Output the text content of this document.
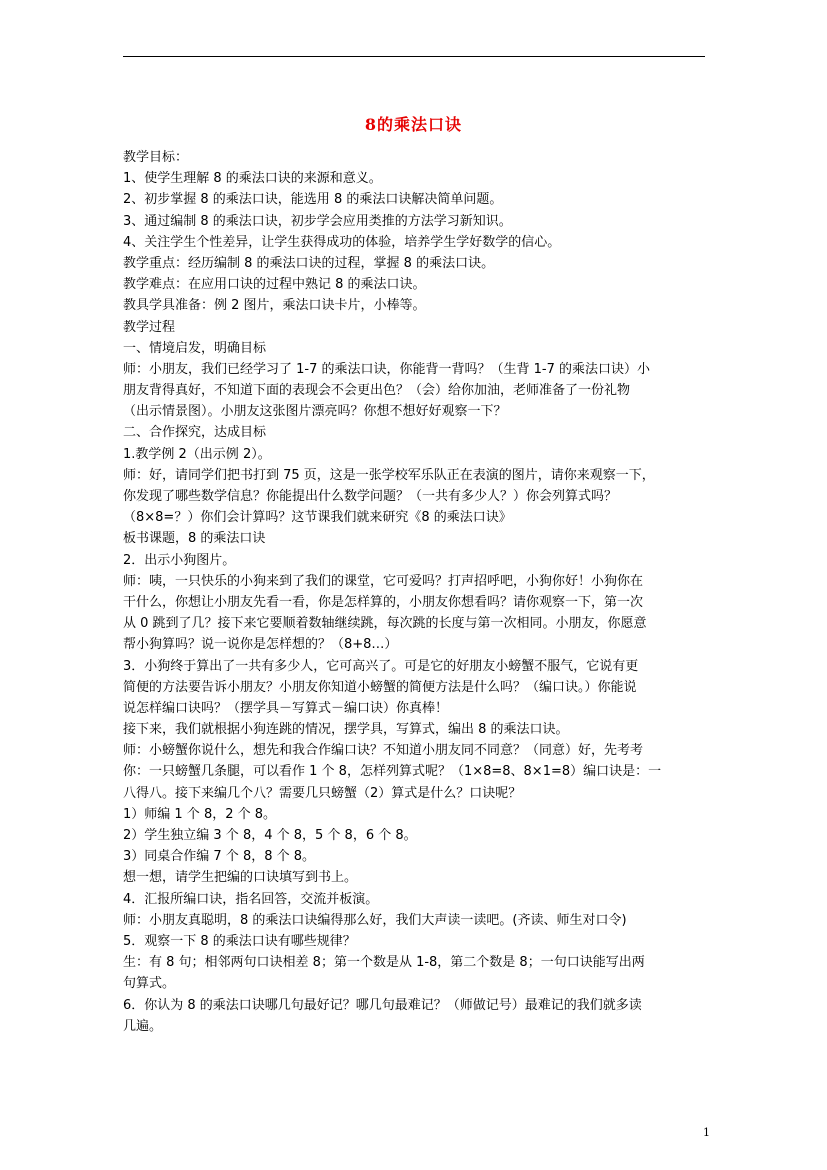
8的乘法口诀
教学目标：
1、使学生理解 8 的乘法口诀的来源和意义。
2、初步掌握 8 的乘法口诀，能选用 8 的乘法口诀解决简单问题。
3、通过编制 8 的乘法口诀，初步学会应用类推的方法学习新知识。
4、关注学生个性差异，让学生获得成功的体验，培养学生学好数学的信心。
教学重点：经历编制 8 的乘法口诀的过程，掌握 8 的乘法口诀。
教学难点：在应用口诀的过程中熟记 8 的乘法口诀。
教具学具准备：例 2 图片，乘法口诀卡片，小棒等。
教学过程
一、情境启发，明确目标
师：小朋友，我们已经学习了 1-7 的乘法口诀，你能背一背吗？（生背 1-7 的乘法口诀）小
朋友背得真好，不知道下面的表现会不会更出色？（会）给你加油，老师准备了一份礼物
（出示情景图）。小朋友这张图片漂亮吗？你想不想好好观察一下？
二、合作探究，达成目标
1.教学例 2（出示例 2）。
师：好，请同学们把书打到 75 页，这是一张学校军乐队正在表演的图片，请你来观察一下，
你发现了哪些数学信息？你能提出什么数学问题？（一共有多少人？）你会列算式吗？
（8×8=？）你们会计算吗？这节课我们就来研究《8 的乘法口诀》
板书课题，8 的乘法口诀
2．出示小狗图片。
师：咦，一只快乐的小狗来到了我们的课堂，它可爱吗？打声招呼吧，小狗你好！小狗你在
干什么，你想让小朋友先看一看，你是怎样算的，小朋友你想看吗？请你观察一下，第一次
从 0 跳到了几？接下来它要顺着数轴继续跳，每次跳的长度与第一次相同。小朋友，你愿意
帮小狗算吗？说一说你是怎样想的？（8+8…）
3．小狗终于算出了一共有多少人，它可高兴了。可是它的好朋友小螃蟹不服气，它说有更
简便的方法要告诉小朋友？小朋友你知道小螃蟹的简便方法是什么吗？（编口诀。）你能说
说怎样编口诀吗？（摆学具－写算式－编口诀）你真棒！
接下来，我们就根据小狗连跳的情况，摆学具，写算式，编出 8 的乘法口诀。
师：小螃蟹你说什么，想先和我合作编口诀？不知道小朋友同不同意？（同意）好，先考考
你：一只螃蟹几条腿，可以看作 1 个 8，怎样列算式呢？（1×8=8、8×1=8）编口诀是：一
八得八。接下来编几个八？需要几只螃蟹（2）算式是什么？口诀呢？
1）师编 1 个 8，2 个 8。
2）学生独立编 3 个 8，4 个 8，5 个 8，6 个 8。
3）同桌合作编 7 个 8，8 个 8。
想一想，请学生把编的口诀填写到书上。
4．汇报所编口诀，指名回答，交流并板演。
师：小朋友真聪明，8 的乘法口诀编得那么好，我们大声读一读吧。(齐读、师生对口令)
5．观察一下 8 的乘法口诀有哪些规律？
生：有 8 句；相邻两句口诀相差 8；第一个数是从 1-8，第二个数是 8；一句口诀能写出两
句算式。
6．你认为 8 的乘法口诀哪几句最好记？哪几句最难记？（师做记号）最难记的我们就多读
几遍。
1
